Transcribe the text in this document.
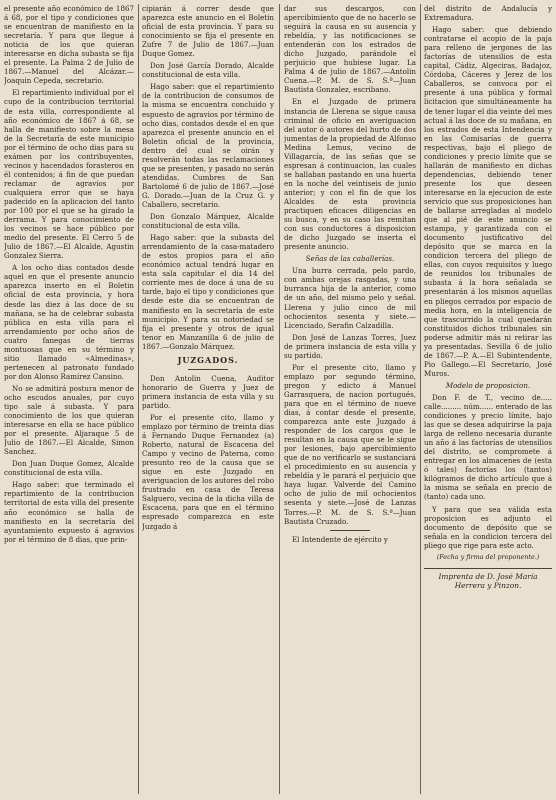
el presente año económico de 1867 á 68, por el tipo y condiciones que se encuentran de manifiesto en la secretaría. Y para que llegue á noticia de los que quieran interesarse en dicha subasta se fija el presente. La Palma 2 de Julio de 1867.—Manuel del Alcázar.—Joaquin Cepeda, secretario.

El repartimiento individual por el cupo de la contribucion territorial de esta villa, correspondiente al año económico de 1867 á 68, se halla de manifiesto sobre la mesa de la Secretaría de este municipio por el término de ocho dias para su exámen por los contribuyentes, vecinos y hacendados forasteros en él contenidos; á fin de que puedan reclamar de agravios por cualquiera error que se haya padecido en la aplicacion del tanto por 100 por el que se ha girado la derrama. Y para conocimiento de los vecinos se hace público por medio del presente. El Cerro 5 de Julio de 1867.—El Alcalde, Agustin Gonzalez Sierra.

A los ocho dias contados desde aquel en que el presente anuncio aparezca inserto en el Boletin oficial de esta provincia, y hora desde las diez á las doce de su mañana, se ha de celebrar subasta pública en esta villa para el arrendamiento por ocho años de cuatro fanegas de tierras montuosas que en su término y sitio llamado «Almedinas», pertenecen al patronato fundado por don Alonso Ramírez Cansino.

No se admitirá postura menor de ocho escudos anuales, por cuyo tipo sale á subasta. Y para conocimiento de los que quieran interesarse en ella se hace público por el presente. Aljaraque 5 de Julio de 1867.—El Alcalde, Simon Sanchez.

Don Juan Duque Gomez, Alcalde constitucional de esta villa.

Hago saber: que terminado el repartimiento de la contribucion territorial de esta villa del presente año económico se halla de manifiesto en la secretaría del ayuntamiento expuesto á agravios por el término de 8 dias, que prin-

cipiarán á correr desde que aparezca este anuncio en el Boletin oficial de esta provincia. Y para su conocimiento se fija el presente en Zufre 7 de Julio de 1867.—Juan Duque Gomez.

Don José García Dorado, Alcalde constitucional de esta villa.

Hago saber: que el repartimiento de la contribucion de consumos de la misma se encuentra concluido y espuesto de agravios por término de ocho dias, contados desde el en que aparezca el presente anuncio en el Boletin oficial de la provincia, dentro del cual se oirán y resolverán todas las reclamaciones que se presenten, y pasado no serán atendidas. Cumbres de San Bartolomé 6 de julio de 1867.—José G. Dorado.—Juan de la Cruz G. y Caballero, secretario.

Don Gonzalo Márquez, Alcalde constitucional de esta villa.

Hago saber: que la subasta del arrendamiento de la casa-matadero de estos propios para el año económico actual tendrá lugar en esta sala capitular el dia 14 del corriente mes de doce á una de su tarde, bajo el tipo y condiciones que desde este dia se encuentran de manifiesto en la secretaría de este municipio. Y para su notoriedad se fija el presente y otros de igual tenor en Manzanilla 6 de julio de 1867.—Gonzalo Márquez.

JUZGADOS.

Don Antolin Cuena, Auditor honorario de Guerra y Juez de primera instancia de esta villa y su partido.

Por el presente cito, llamo y emplazo por término de treinta dias á Fernando Duque Fernandez (a) Roberto, natural de Escacena del Campo y vecino de Paterna, como presunto reo de la causa que se sigue en este Juzgado en averiguacion de los autores del robo frustrado en casa de Teresa Salguero, vecina de la dicha villa de Escacena, para que en el término espresado comparezca en este Juzgado á

dar sus descargos, con apercibimiento que de no hacerlo se seguirá la causa en su ausencia y rebeldía, y las notificaciones se entenderán con los estrados de dicho Juzgado, parándole el perjuicio que hubiese lugar. La Palma 4 de julio de 1867.—Antolin Cuena.—P. M. de S. S.ª—Juan Bautista Gonzalez, escribano.

En el Juzgado de primera instancia de Llerena se sigue causa criminal de oficio en averiguacion del autor ó autores del hurto de dos jumentas de la propiedad de Alfonso Medina Lemus, vecino de Villagarcía, de las señas que se espresan á continuacion, las cuales se hallaban pastando en una huerta en la noche del veintiseis de junio anterior; y con el fin de que los Alcaldes de esta provincia practiquen eficaces diligencias en su busca, y en su caso las remitan con sus conductores á disposicion de dicho Juzgado se inserta el presente anuncio.

Señas de las caballerías.

Una burra cerrada, pelo pardo, con ambas orejas rasgadas, y una burranca hija de la anterior, como de un año, del mismo pelo y señal. Llerena y julio cinco de mil ochocientos sesenta y siete.—Licenciado, Serafin Calzadilla.

Don José de Lanzas Torres, Juez de primera instancia de esta villa y su partido.

Por el presente cito, llamo y emplazo por segundo término, pregon y edicto á Manuel Garrasquera, de nacion portugués, para que en el término de nueve dias, á contar desde el presente, comparezca ante este Juzgado á responder de los cargos que le resultan en la causa que se le sigue por lesiones, bajo apercibimiento que de no verificarlo se sustanciará el procedimiento en su ausencia y rebeldía y le parará el perjuicio que haya lugar. Valverde del Camino ocho de julio de mil ochocientos sesenta y siete.—José de Lanzas Torres.—P. M. de S. S.ª—Juan Bautista Cruzado.

El Intendente de ejército y

del distrito de Andalucía y Extremadura.

Hago saber: que debiendo contratarse el acopio de la paja para relleno de jergones de las factorías de utensilios de esta capital, Cádiz, Algeciras, Badajoz, Córdoba, Cáceres y Jerez de los Caballeros, se convoca por el presente á una pública y formal licitacion que simultáneamente ha de tener lugar el dia veinte del mes actual á las doce de su mañana, en los estrados de esta Intendencia y en las Comisarías de guerra respectivas, bajo el pliego de condiciones y precio límite que se hallarán de manifiesto en dichas dependencias, debiendo tener presente los que deseen interesarse en la ejecucion de este servicio que sus proposiciones han de ballarse arregladas al modelo que al pié de este anuncio se estampa, y garantizada con el documento justificativo del depósito que se marca en la condicion tercera del pliego de ellas, con cuyos requisitos y luego de reunidos los tribunales de subasta á la hora señalada se presentarán á los mismos aquellas en pliegos cerrados por espacio de media hora, en la inteligencia de que trascurrido la cual quedarán constituidos dichos tribunales sin poderse admitir más ni retirar las ya presentadas. Sevilla 6 de julio de 1867.—P. A.—El Subintendente, Pio Gallego.—El Secretario, José Muros.

Modelo de proposicion.

Don F. de T., vecino de..... calle......... núm...... enterado de las condiciones y precio límite, bajo las que se desea adquirirse la paja larga de relleno necesaria durante un año á las factorías de utensilios del distrito, se compromete á entregar en los almacenes de (esta ó tales) factorías los (tantos) kilógramos de dicho artículo que á la misma se señala en precio de (tanto) cada uno.

Y para que sea válida esta proposicion es adjunto el documento de depósito que se señala en la condicion tercera del pliego que rige para este acto.

(Fecha y firma del proponente.)
Imprenta de D. José María Herrera y Pinzon.
